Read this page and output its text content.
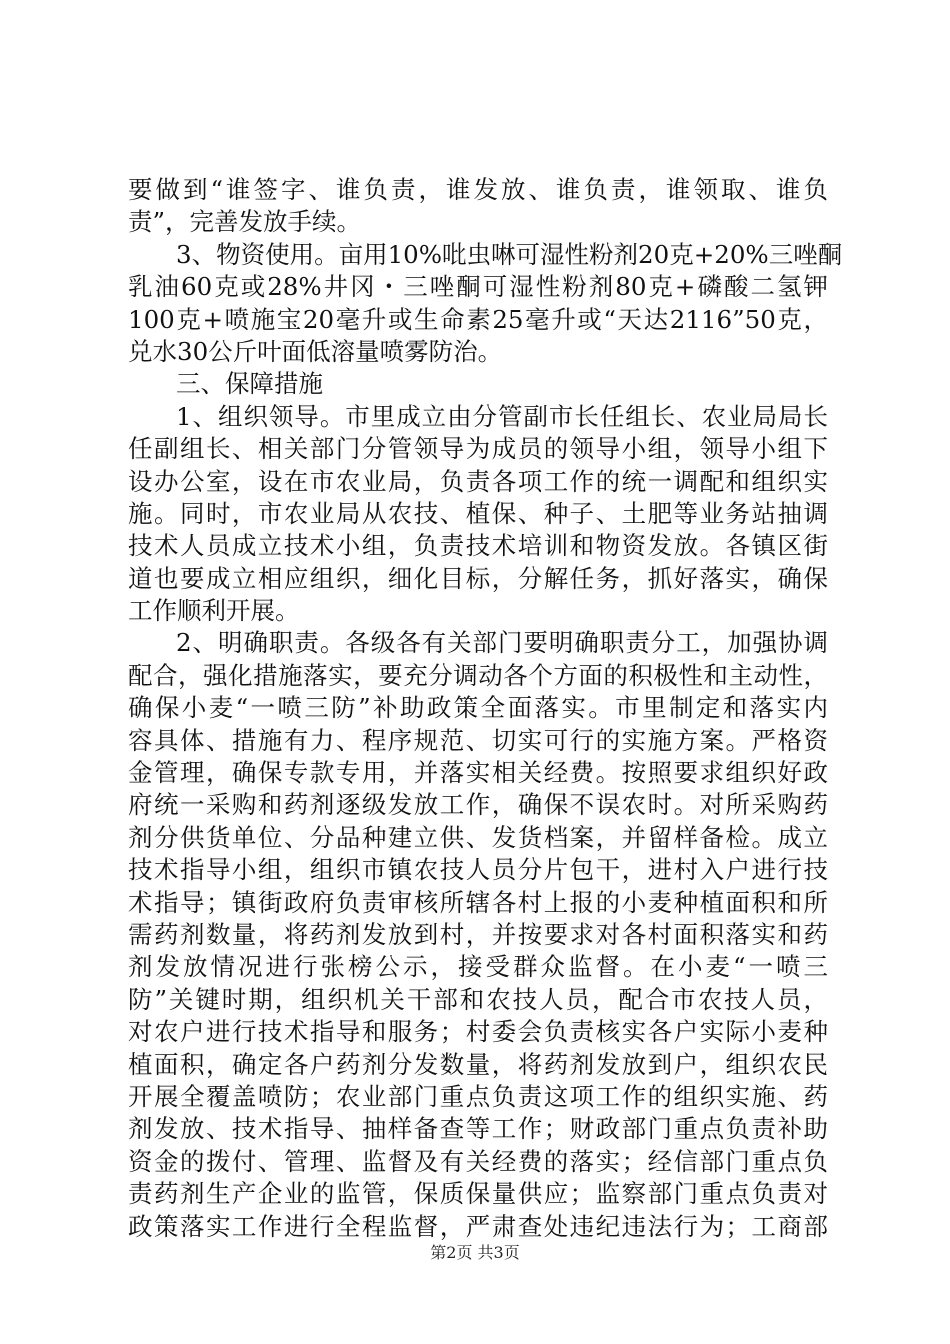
要做到“谁签字、谁负责，谁发放、谁负责，谁领取、谁负
责”，完善发放手续。
3、物资使用。亩用10%吡虫啉可湿性粉剂20克+20%三唑酮
乳油60克或28%井冈・三唑酮可湿性粉剂80克+磷酸二氢钾
100克+喷施宝20毫升或生命素25毫升或“天达2116”50克，
兑水30公斤叶面低溶量喷雾防治。
三、保障措施
1、组织领导。市里成立由分管副市长任组长、农业局局长
任副组长、相关部门分管领导为成员的领导小组，领导小组下
设办公室，设在市农业局，负责各项工作的统一调配和组织实
施。同时，市农业局从农技、植保、种子、土肥等业务站抽调
技术人员成立技术小组，负责技术培训和物资发放。各镇区街
道也要成立相应组织，细化目标，分解任务，抓好落实，确保
工作顺利开展。
2、明确职责。各级各有关部门要明确职责分工，加强协调
配合，强化措施落实，要充分调动各个方面的积极性和主动性，
确保小麦“一喷三防”补助政策全面落实。市里制定和落实内
容具体、措施有力、程序规范、切实可行的实施方案。严格资
金管理，确保专款专用，并落实相关经费。按照要求组织好政
府统一采购和药剂逐级发放工作，确保不误农时。对所采购药
剂分供货单位、分品种建立供、发货档案，并留样备检。成立
技术指导小组，组织市镇农技人员分片包干，进村入户进行技
术指导；镇街政府负责审核所辖各村上报的小麦种植面积和所
需药剂数量，将药剂发放到村，并按要求对各村面积落实和药
剂发放情况进行张榜公示，接受群众监督。在小麦“一喷三
防”关键时期，组织机关干部和农技人员，配合市农技人员，
对农户进行技术指导和服务；村委会负责核实各户实际小麦种
植面积，确定各户药剂分发数量，将药剂发放到户，组织农民
开展全覆盖喷防；农业部门重点负责这项工作的组织实施、药
剂发放、技术指导、抽样备查等工作；财政部门重点负责补助
资金的拨付、管理、监督及有关经费的落实；经信部门重点负
责药剂生产企业的监管，保质保量供应；监察部门重点负责对
政策落实工作进行全程监督，严肃查处违纪违法行为；工商部
第2页 共3页
